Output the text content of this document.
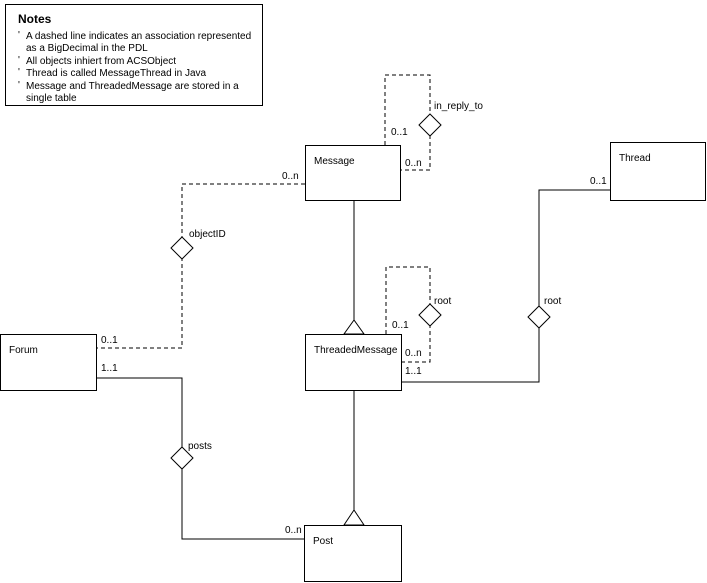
Notes
' A dashed line indicates an association represented as a BigDecimal in the PDL
' All objects inhiert from ACSObject
' Thread is called MessageThread in Java
' Message and ThreadedMessage are stored in a single table
Forum
Message
ThreadedMessage
Thread
Post
in_reply_to
objectID
root	root
posts
0..1
0..n
0..n
0..1
0..1
0..n
1..1
0..1
1..1
0..n
